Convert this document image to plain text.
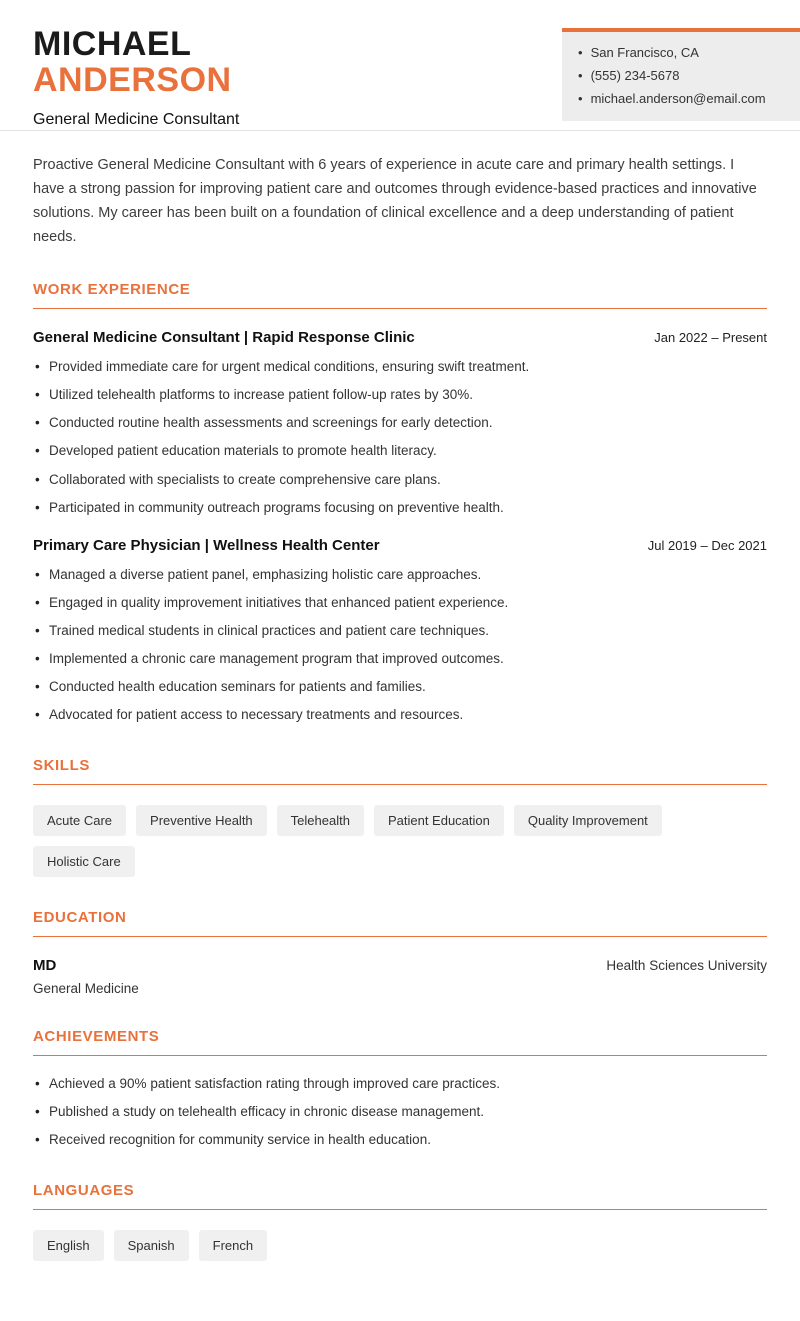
MICHAEL
ANDERSON
General Medicine Consultant
• San Francisco, CA
• (555) 234-5678
• michael.anderson@email.com

Proactive General Medicine Consultant with 6 years of experience in acute care and primary health settings. I have a strong passion for improving patient care and outcomes through evidence-based practices and innovative solutions. My career has been built on a foundation of clinical excellence and a deep understanding of patient needs.

WORK EXPERIENCE
General Medicine Consultant | Rapid Response Clinic	Jan 2022 – Present
• Provided immediate care for urgent medical conditions, ensuring swift treatment.
• Utilized telehealth platforms to increase patient follow-up rates by 30%.
• Conducted routine health assessments and screenings for early detection.
• Developed patient education materials to promote health literacy.
• Collaborated with specialists to create comprehensive care plans.
• Participated in community outreach programs focusing on preventive health.
Primary Care Physician | Wellness Health Center	Jul 2019 – Dec 2021
• Managed a diverse patient panel, emphasizing holistic care approaches.
• Engaged in quality improvement initiatives that enhanced patient experience.
• Trained medical students in clinical practices and patient care techniques.
• Implemented a chronic care management program that improved outcomes.
• Conducted health education seminars for patients and families.
• Advocated for patient access to necessary treatments and resources.
SKILLS
Acute Care	Preventive Health	Telehealth	Patient Education	Quality Improvement
Holistic Care
EDUCATION
MD	Health Sciences University
General Medicine
ACHIEVEMENTS
• Achieved a 90% patient satisfaction rating through improved care practices.
• Published a study on telehealth efficacy in chronic disease management.
• Received recognition for community service in health education.
LANGUAGES
English	Spanish	French
